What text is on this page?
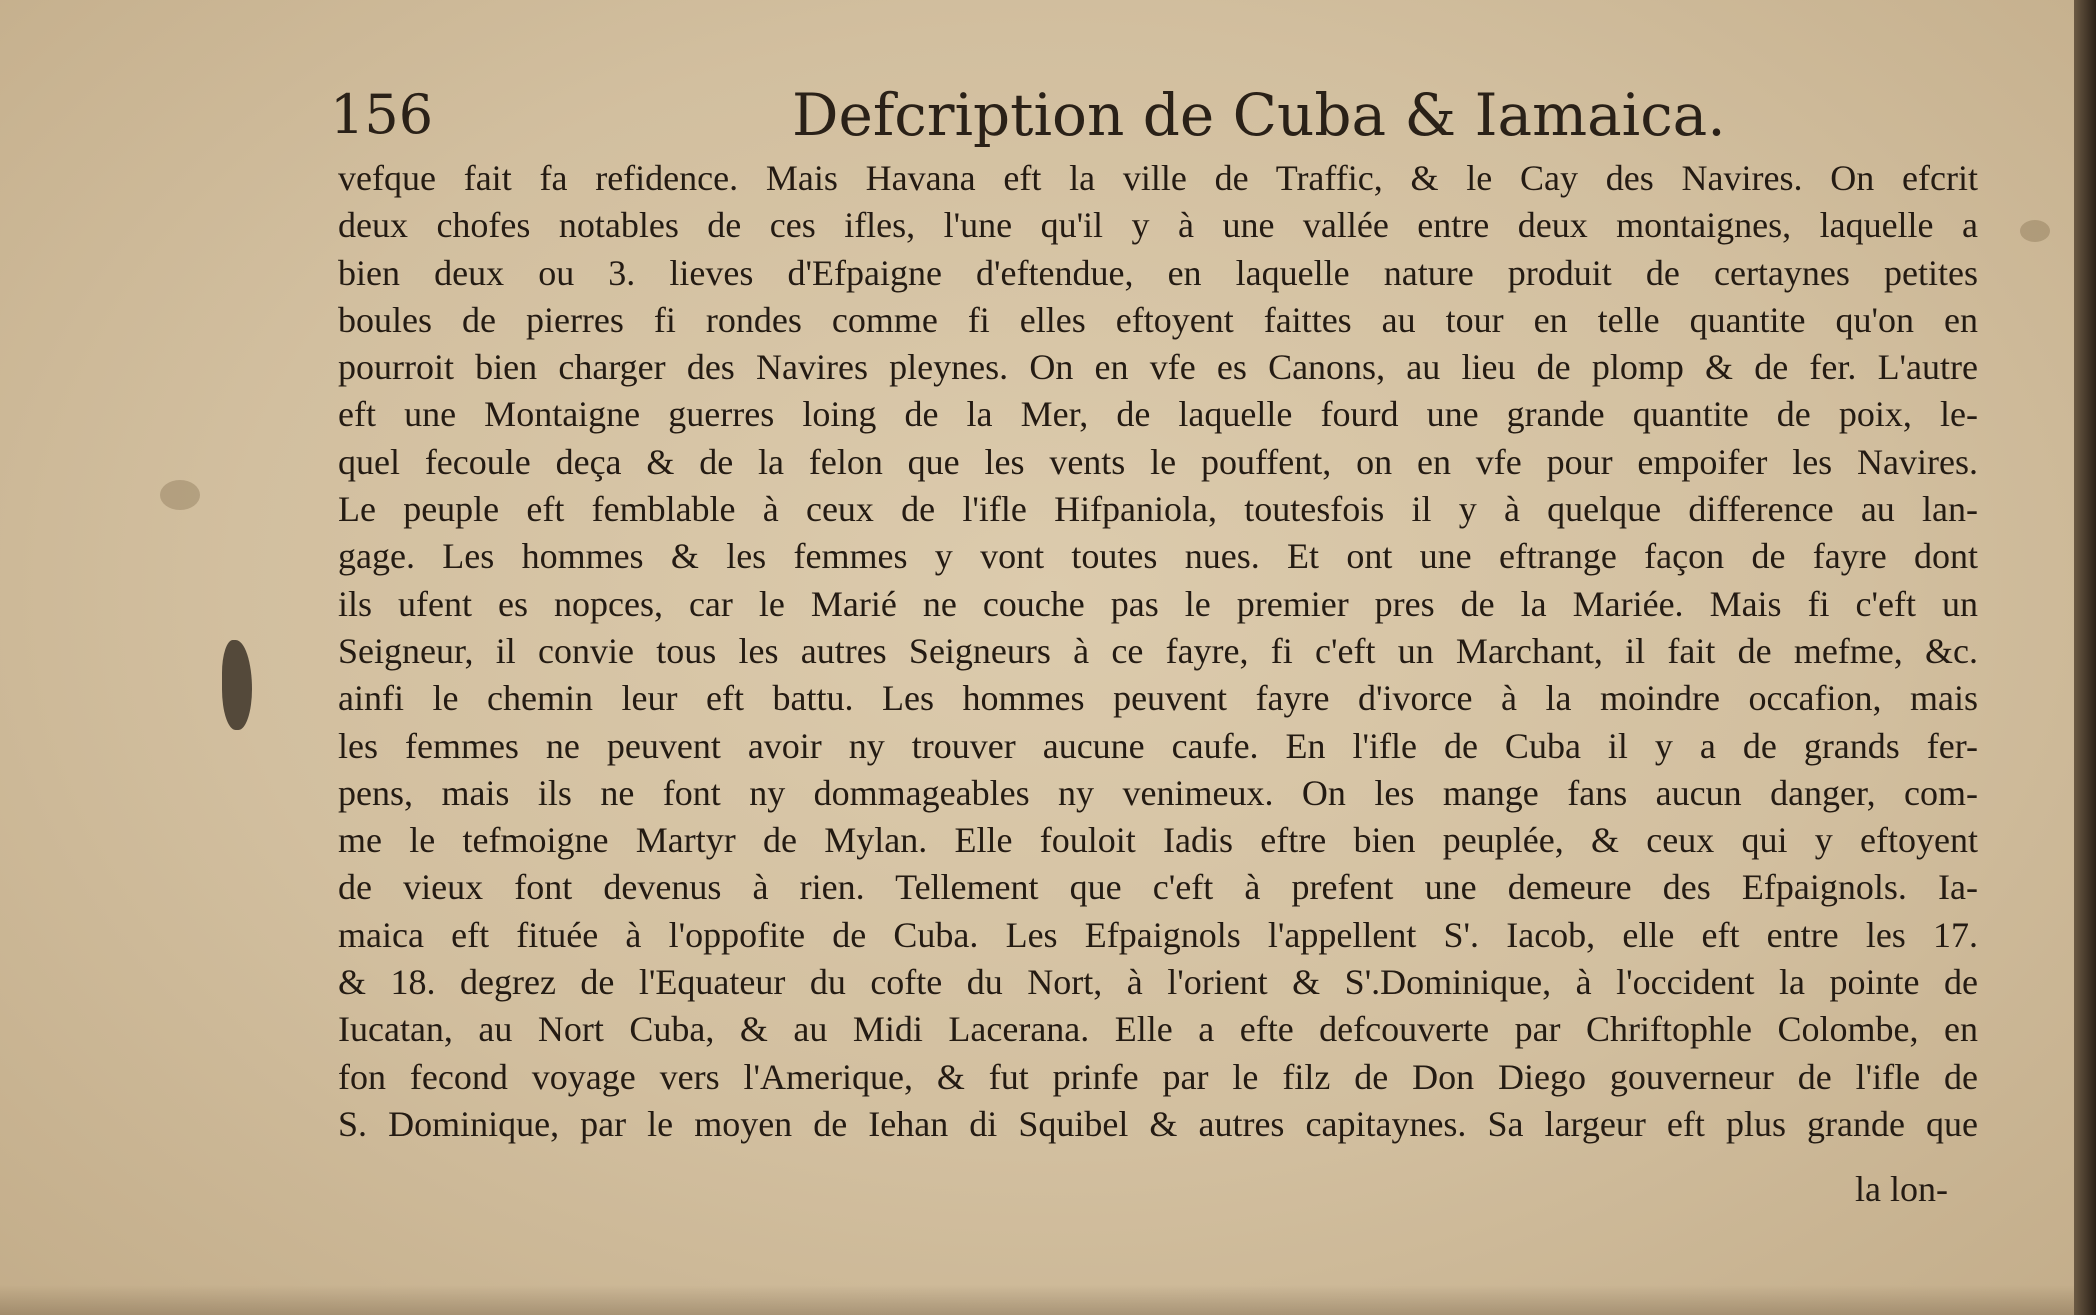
156	Defcription de Cuba & Iamaica.
vefque fait fa refidence. Mais Havana eft la ville de Traffic, & le Cay des Navires. On efcrit
deux chofes notables de ces ifles, l'une qu'il y à une vallée entre deux montaignes, laquelle a
bien deux ou 3. lieves d'Efpaigne d'eftendue, en laquelle nature produit de certaynes petites
boules de pierres fi rondes comme fi elles eftoyent faittes au tour en telle quantite qu'on en
pourroit bien charger des Navires pleynes. On en vfe es Canons, au lieu de plomp & de fer. L'autre
eft une Montaigne guerres loing de la Mer, de laquelle fourd une grande quantite de poix, le-
quel fecoule deça & de la felon que les vents le pouffent, on en vfe pour empoifer les Navires.
Le peuple eft femblable à ceux de l'ifle Hifpaniola, toutesfois il y à quelque difference au lan-
gage. Les hommes & les femmes y vont toutes nues. Et ont une eftrange façon de fayre dont
ils ufent es nopces, car le Marié ne couche pas le premier pres de la Mariée. Mais fi c'eft un
Seigneur, il convie tous les autres Seigneurs à ce fayre, fi c'eft un Marchant, il fait de mefme, &c.
ainfi le chemin leur eft battu. Les hommes peuvent fayre d'ivorce à la moindre occafion, mais
les femmes ne peuvent avoir ny trouver aucune caufe. En l'ifle de Cuba il y a de grands fer-
pens, mais ils ne font ny dommageables ny venimeux. On les mange fans aucun danger, com-
me le tefmoigne Martyr de Mylan. Elle fouloit Iadis eftre bien peuplée, & ceux qui y eftoyent
de vieux font devenus à rien. Tellement que c'eft à prefent une demeure des Efpaignols. Ia-
maica eft fituée à l'oppofite de Cuba. Les Efpaignols l'appellent S'. Iacob, elle eft entre les 17.
& 18. degrez de l'Equateur du cofte du Nort, à l'orient & S'.Dominique, à l'occident la pointe de
Iucatan, au Nort Cuba, & au Midi Lacerana. Elle a efte defcouverte par Chriftophle Colombe, en
fon fecond voyage vers l'Amerique, & fut prinfe par le filz de Don Diego gouverneur de l'ifle de
S. Dominique, par le moyen de Iehan di Squibel & autres capitaynes. Sa largeur eft plus grande que
la lon-
